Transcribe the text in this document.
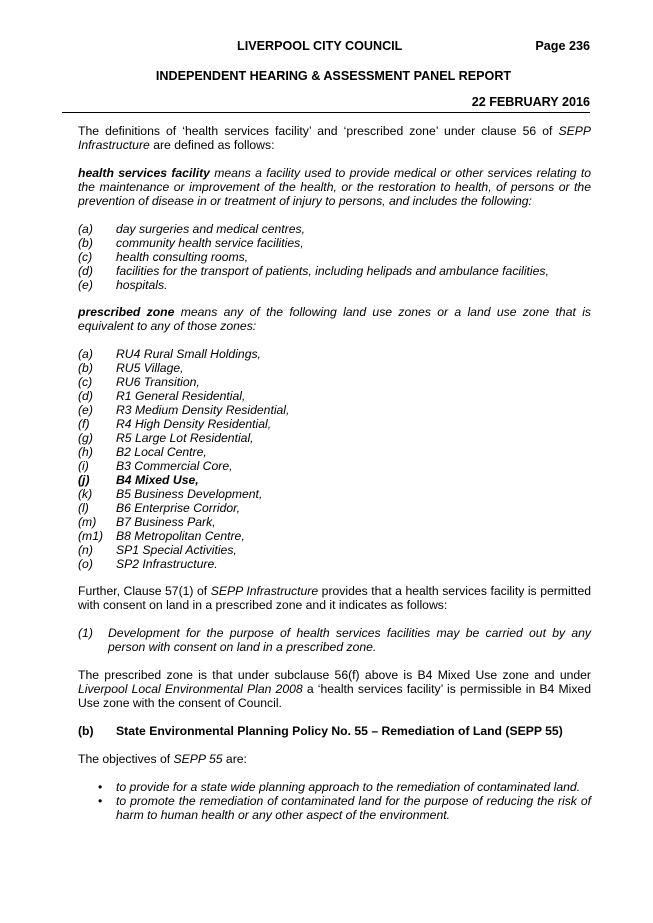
LIVERPOOL CITY COUNCIL	Page 236
INDEPENDENT HEARING & ASSESSMENT PANEL REPORT
22 FEBRUARY 2016

The definitions of ‘health services facility’ and ‘prescribed zone’ under clause 56 of SEPP Infrastructure are defined as follows:

health services facility means a facility used to provide medical or other services relating to the maintenance or improvement of the health, or the restoration to health, of persons or the prevention of disease in or treatment of injury to persons, and includes the following:

(a) day surgeries and medical centres,
(b) community health service facilities,
(c) health consulting rooms,
(d) facilities for the transport of patients, including helipads and ambulance facilities,
(e) hospitals.

prescribed zone means any of the following land use zones or a land use zone that is equivalent to any of those zones:

(a) RU4 Rural Small Holdings,
(b) RU5 Village,
(c) RU6 Transition,
(d) R1 General Residential,
(e) R3 Medium Density Residential,
(f) R4 High Density Residential,
(g) R5 Large Lot Residential,
(h) B2 Local Centre,
(i) B3 Commercial Core,
(j) B4 Mixed Use,
(k) B5 Business Development,
(l) B6 Enterprise Corridor,
(m) B7 Business Park,
(m1) B8 Metropolitan Centre,
(n) SP1 Special Activities,
(o) SP2 Infrastructure.

Further, Clause 57(1) of SEPP Infrastructure provides that a health services facility is permitted with consent on land in a prescribed zone and it indicates as follows:

(1) Development for the purpose of health services facilities may be carried out by any person with consent on land in a prescribed zone.

The prescribed zone is that under subclause 56(f) above is B4 Mixed Use zone and under Liverpool Local Environmental Plan 2008 a ‘health services facility’ is permissible in B4 Mixed Use zone with the consent of Council.

(b) State Environmental Planning Policy No. 55 – Remediation of Land (SEPP 55)

The objectives of SEPP 55 are:

• to provide for a state wide planning approach to the remediation of contaminated land.
• to promote the remediation of contaminated land for the purpose of reducing the risk of harm to human health or any other aspect of the environment.
